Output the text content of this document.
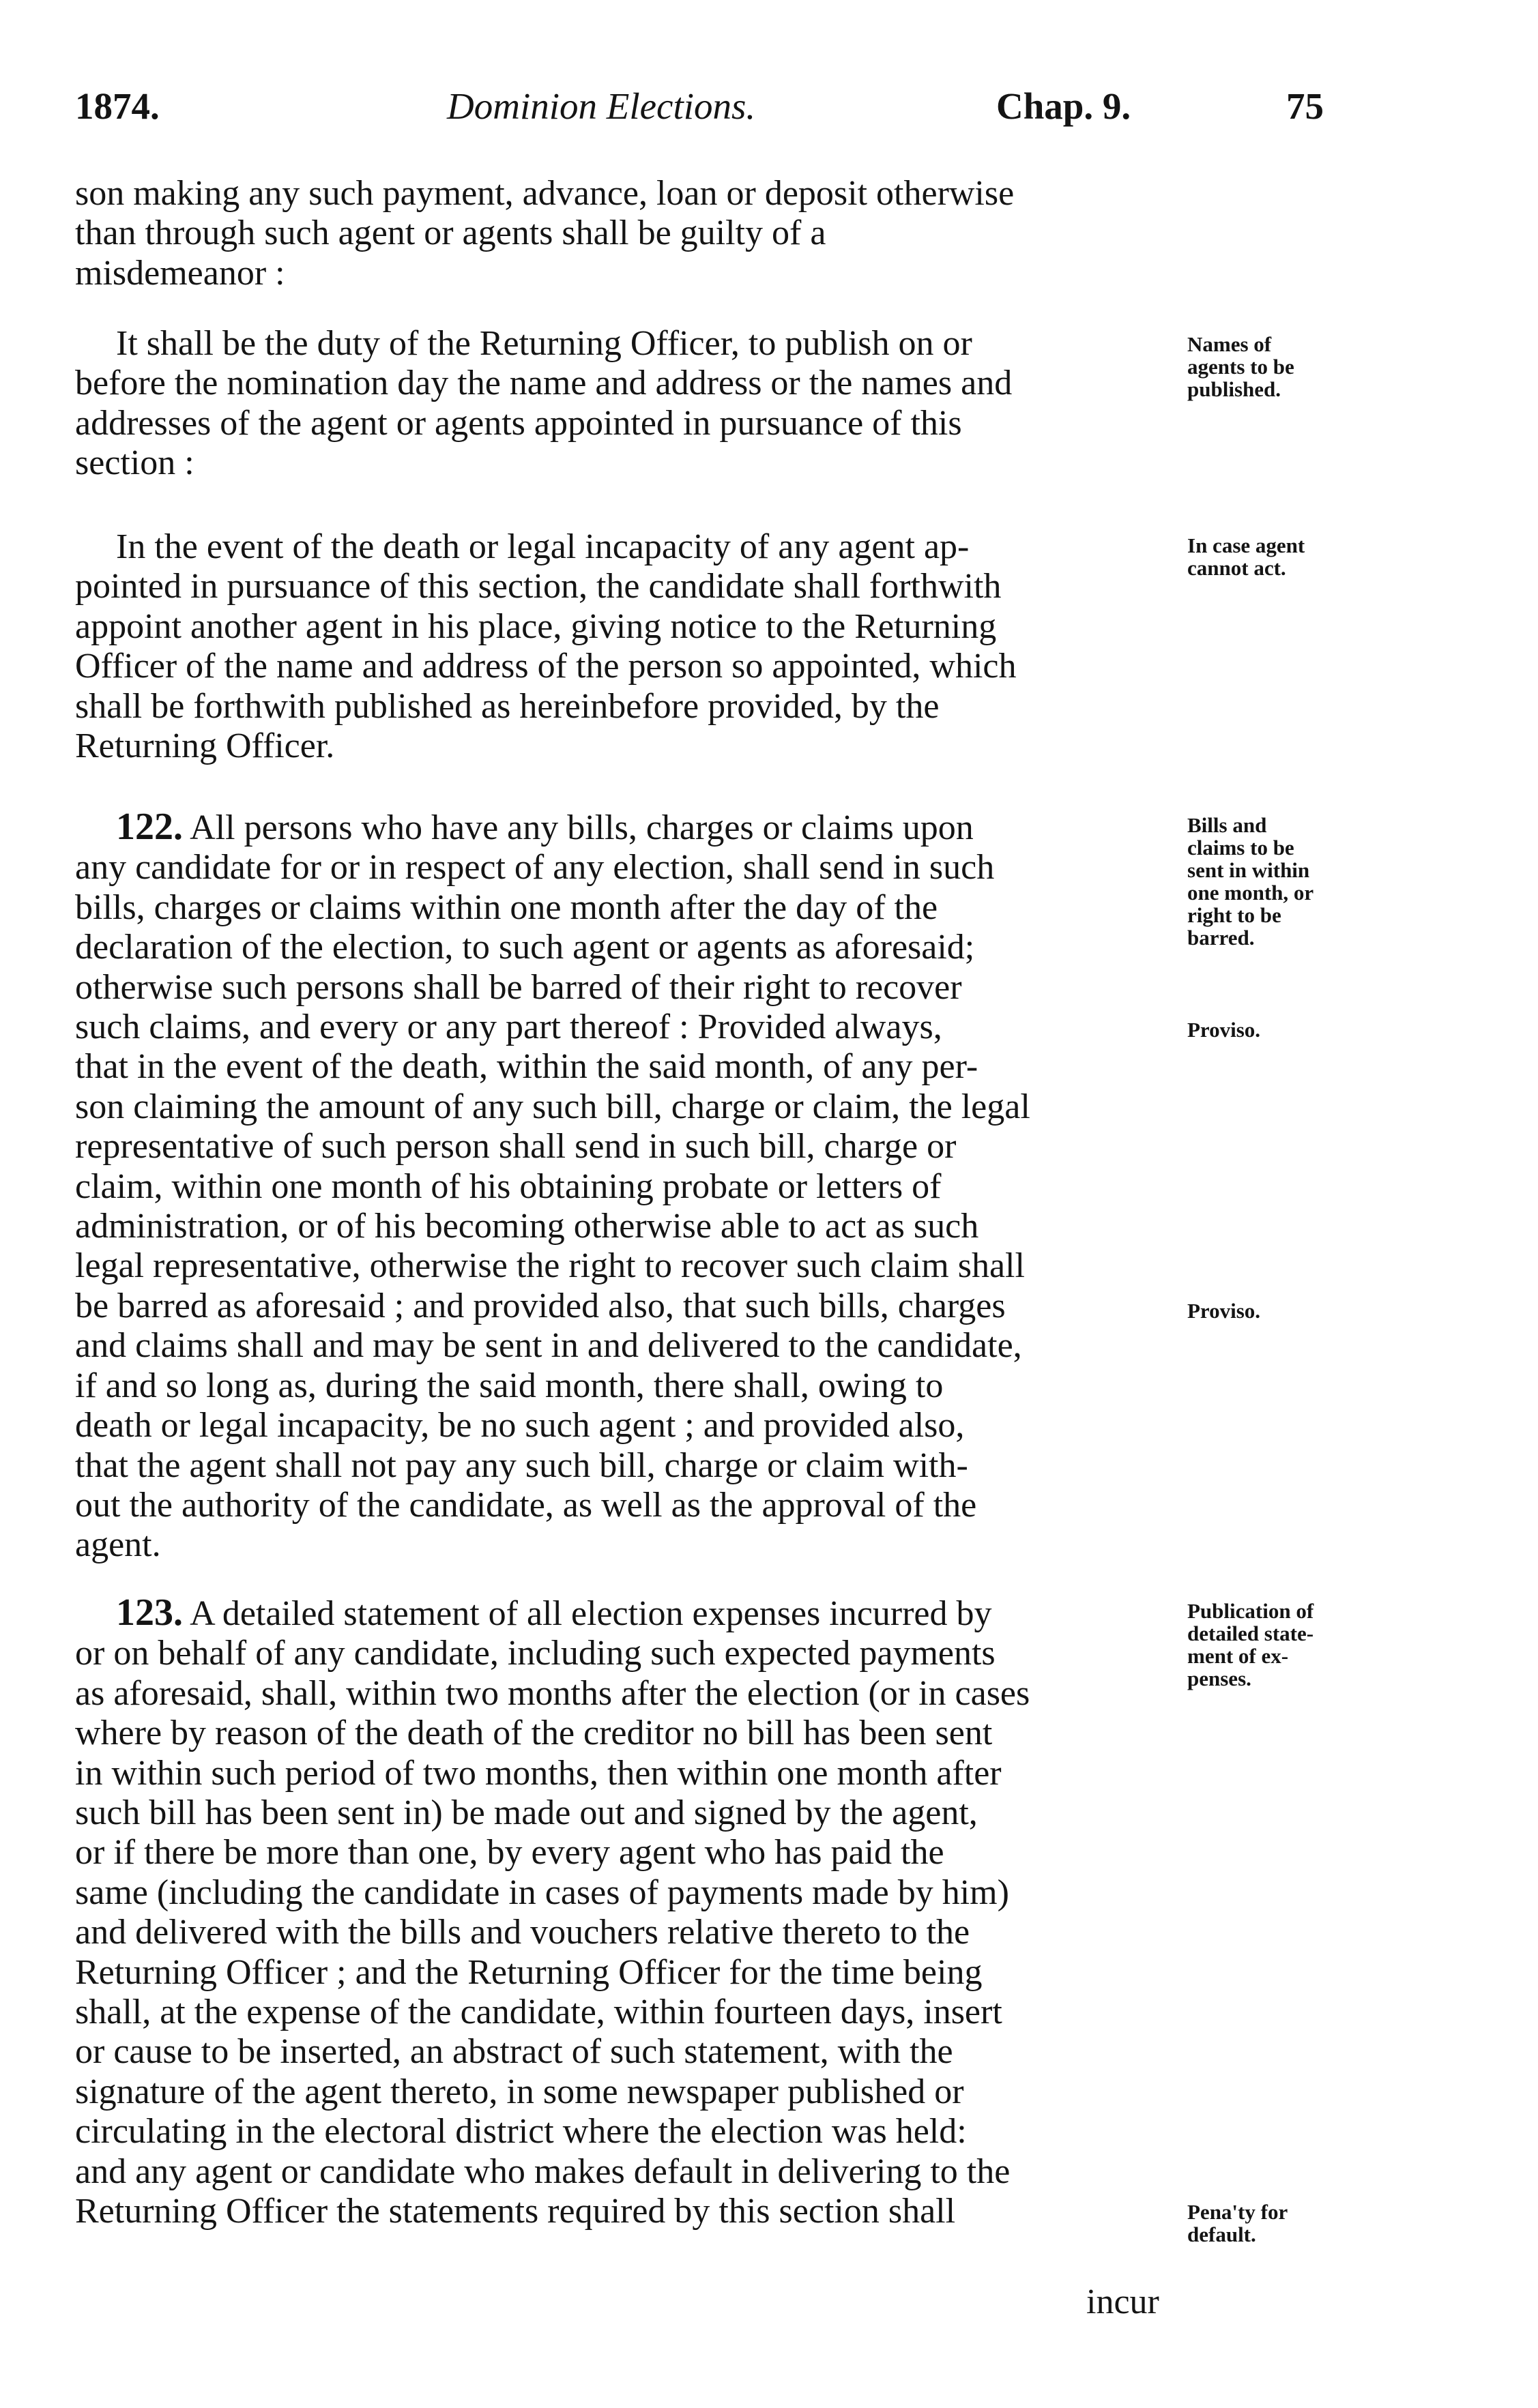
1874.	Dominion Elections.	Chap. 9.	75
son making any such payment, advance, loan or deposit otherwise
than through such agent or agents shall be guilty of a
misdemeanor :
It shall be the duty of the Returning Officer, to publish on or
before the nomination day the name and address or the names and
addresses of the agent or agents appointed in pursuance of this
section :
In the event of the death or legal incapacity of any agent ap-
pointed in pursuance of this section, the candidate shall forthwith
appoint another agent in his place, giving notice to the Returning
Officer of the name and address of the person so appointed, which
shall be forthwith published as hereinbefore provided, by the
Returning Officer.
122. All persons who have any bills, charges or claims upon
any candidate for or in respect of any election, shall send in such
bills, charges or claims within one month after the day of the
declaration of the election, to such agent or agents as aforesaid;
otherwise such persons shall be barred of their right to recover
such claims, and every or any part thereof : Provided always,
that in the event of the death, within the said month, of any per-
son claiming the amount of any such bill, charge or claim, the legal
representative of such person shall send in such bill, charge or
claim, within one month of his obtaining probate or letters of
administration, or of his becoming otherwise able to act as such
legal representative, otherwise the right to recover such claim shall
be barred as aforesaid ; and provided also, that such bills, charges
and claims shall and may be sent in and delivered to the candidate,
if and so long as, during the said month, there shall, owing to
death or legal incapacity, be no such agent ; and provided also,
that the agent shall not pay any such bill, charge or claim with-
out the authority of the candidate, as well as the approval of the
agent.
123. A detailed statement of all election expenses incurred by
or on behalf of any candidate, including such expected payments
as aforesaid, shall, within two months after the election (or in cases
where by reason of the death of the creditor no bill has been sent
in within such period of two months, then within one month after
such bill has been sent in) be made out and signed by the agent,
or if there be more than one, by every agent who has paid the
same (including the candidate in cases of payments made by him)
and delivered with the bills and vouchers relative thereto to the
Returning Officer ; and the Returning Officer for the time being
shall, at the expense of the candidate, within fourteen days, insert
or cause to be inserted, an abstract of such statement, with the
signature of the agent thereto, in some newspaper published or
circulating in the electoral district where the election was held:
and any agent or candidate who makes default in delivering to the
Returning Officer the statements required by this section shall
incur
Names of
agents to be
published.
In case agent
cannot act.
Bills and
claims to be
sent in within
one month, or
right to be
barred.
Proviso.
Proviso.
Publication of
detailed state-
ment of ex-
penses.
Pena'ty for
default.
